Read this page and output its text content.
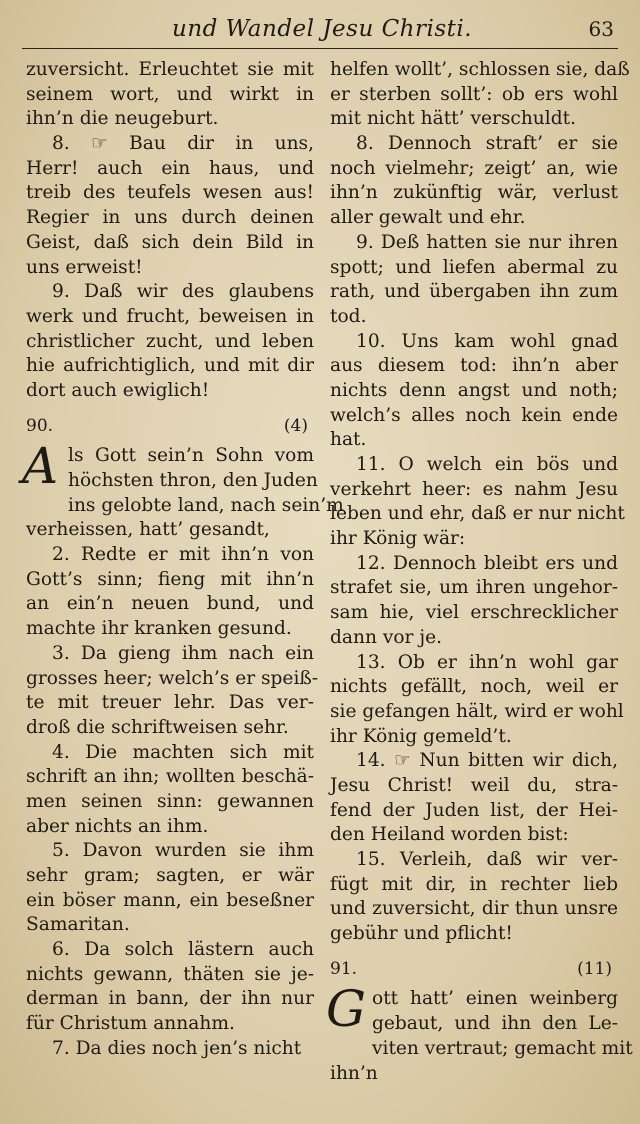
und Wandel Jesu Christi.	63
zuversicht. Erleuchtet sie mit
seinem wort, und wirkt in
ihn’n die neugeburt.
8. ☞ Bau dir in uns,
Herr! auch ein haus, und
treib des teufels wesen aus!
Regier in uns durch deinen
Geist, daß sich dein Bild in
uns erweist!
9. Daß wir des glaubens
werk und frucht, beweisen in
christlicher zucht, und leben
hie aufrichtiglich, und mit dir
dort auch ewiglich!
90.	(4)
A ls Gott sein’n Sohn vom
höchsten thron, den Juden
ins gelobte land, nach sein’m
verheissen, hatt’ gesandt,
2. Redte er mit ihn’n von
Gott’s sinn; fieng mit ihn’n
an ein’n neuen bund, und
machte ihr kranken gesund.
3. Da gieng ihm nach ein
grosses heer; welch’s er speiß-
te mit treuer lehr. Das ver-
droß die schriftweisen sehr.
4. Die machten sich mit
schrift an ihn; wollten beschä-
men seinen sinn: gewannen
aber nichts an ihm.
5. Davon wurden sie ihm
sehr gram; sagten, er wär
ein böser mann, ein beseßner
Samaritan.
6. Da solch lästern auch
nichts gewann, thäten sie je-
derman in bann, der ihn nur
für Christum annahm.
7. Da dies noch jen’s nicht
helfen wollt’, schlossen sie, daß
er sterben sollt’: ob ers wohl
mit nicht hätt’ verschuldt.
8. Dennoch straft’ er sie
noch vielmehr; zeigt’ an, wie
ihn’n zukünftig wär, verlust
aller gewalt und ehr.
9. Deß hatten sie nur ihren
spott; und liefen abermal zu
rath, und übergaben ihn zum
tod.
10. Uns kam wohl gnad
aus diesem tod: ihn’n aber
nichts denn angst und noth;
welch’s alles noch kein ende
hat.
11. O welch ein bös und
verkehrt heer: es nahm Jesu
leben und ehr, daß er nur nicht
ihr König wär:
12. Dennoch bleibt ers und
strafet sie, um ihren ungehor-
sam hie, viel erschrecklicher
dann vor je.
13. Ob er ihn’n wohl gar
nichts gefällt, noch, weil er
sie gefangen hält, wird er wohl
ihr König gemeld’t.
14. ☞ Nun bitten wir dich,
Jesu Christ! weil du, stra-
fend der Juden list, der Hei-
den Heiland worden bist:
15. Verleih, daß wir ver-
fügt mit dir, in rechter lieb
und zuversicht, dir thun unsre
gebühr und pflicht!
91.	(11)
G ott hatt’ einen weinberg
gebaut, und ihn den Le-
viten vertraut; gemacht mit
ihn’n
